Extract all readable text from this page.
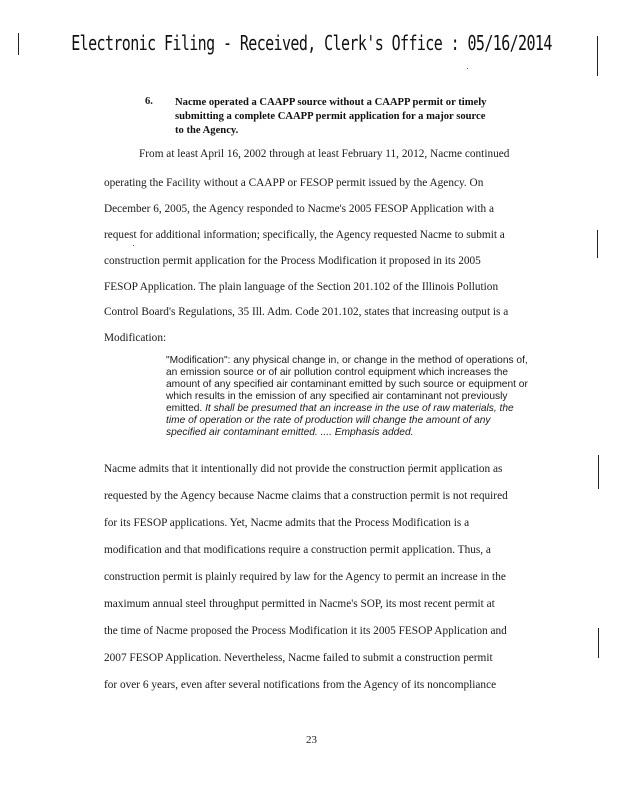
Electronic Filing - Received, Clerk's Office : 05/16/2014
6. Nacme operated a CAAPP source without a CAAPP permit or timely
submitting a complete CAAPP permit application for a major source
to the Agency.
From at least April 16, 2002 through at least February 11, 2012, Nacme continued
operating the Facility without a CAAPP or FESOP permit issued by the Agency. On
December 6, 2005, the Agency responded to Nacme's 2005 FESOP Application with a
request for additional information; specifically, the Agency requested Nacme to submit a
construction permit application for the Process Modification it proposed in its 2005
FESOP Application. The plain language of the Section 201.102 of the Illinois Pollution
Control Board's Regulations, 35 Ill. Adm. Code 201.102, states that increasing output is a
Modification:
"Modification": any physical change in, or change in the method of operations of,
an emission source or of air pollution control equipment which increases the
amount of any specified air contaminant emitted by such source or equipment or
which results in the emission of any specified air contaminant not previously
emitted. It shall be presumed that an increase in the use of raw materials, the
time of operation or the rate of production will change the amount of any
specified air contaminant emitted. .... Emphasis added.
Nacme admits that it intentionally did not provide the construction permit application as
requested by the Agency because Nacme claims that a construction permit is not required
for its FESOP applications. Yet, Nacme admits that the Process Modification is a
modification and that modifications require a construction permit application. Thus, a
construction permit is plainly required by law for the Agency to permit an increase in the
maximum annual steel throughput permitted in Nacme's SOP, its most recent permit at
the time of Nacme proposed the Process Modification it its 2005 FESOP Application and
2007 FESOP Application. Nevertheless, Nacme failed to submit a construction permit
for over 6 years, even after several notifications from the Agency of its noncompliance
23
